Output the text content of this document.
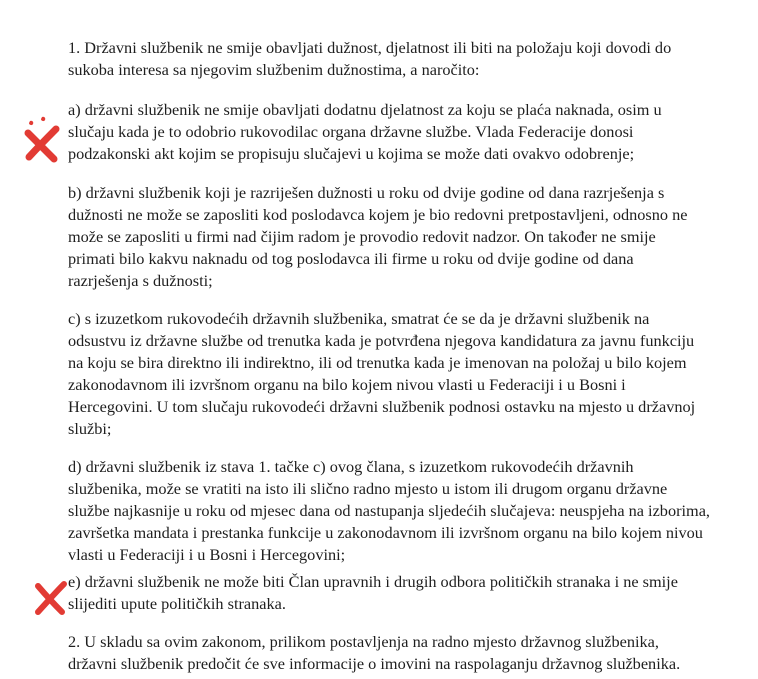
1. Državni službenik ne smije obavljati dužnost, djelatnost ili biti na položaju koji dovodi do
sukoba interesa sa njegovim službenim dužnostima, a naročito:

a) državni službenik ne smije obavljati dodatnu djelatnost za koju se plaća naknada, osim u
slučaju kada je to odobrio rukovodilac organa državne službe. Vlada Federacije donosi
podzakonski akt kojim se propisuju slučajevi u kojima se može dati ovakvo odobrenje;

b) državni službenik koji je razriješen dužnosti u roku od dvije godine od dana razrješenja s
dužnosti ne može se zaposliti kod poslodavca kojem je bio redovni pretpostavljeni, odnosno ne
može se zaposliti u firmi nad čijim radom je provodio redovit nadzor. On također ne smije
primati bilo kakvu naknadu od tog poslodavca ili firme u roku od dvije godine od dana
razrješenja s dužnosti;

c) s izuzetkom rukovodećih državnih službenika, smatrat će se da je državni službenik na
odsustvu iz državne službe od trenutka kada je potvrđena njegova kandidatura za javnu funkciju
na koju se bira direktno ili indirektno, ili od trenutka kada je imenovan na položaj u bilo kojem
zakonodavnom ili izvršnom organu na bilo kojem nivou vlasti u Federaciji i u Bosni i
Hercegovini. U tom slučaju rukovodeći državni službenik podnosi ostavku na mjesto u državnoj
službi;

d) državni službenik iz stava 1. tačke c) ovog člana, s izuzetkom rukovodećih državnih
službenika, može se vratiti na isto ili slično radno mjesto u istom ili drugom organu državne
službe najkasnije u roku od mjesec dana od nastupanja sljedećih slučajeva: neuspjeha na izborima,
završetka mandata i prestanka funkcije u zakonodavnom ili izvršnom organu na bilo kojem nivou
vlasti u Federaciji i u Bosni i Hercegovini;

e) državni službenik ne može biti Član upravnih i drugih odbora političkih stranaka i ne smije
slijediti upute političkih stranaka.

2. U skladu sa ovim zakonom, prilikom postavljenja na radno mjesto državnog službenika,
državni službenik predočit će sve informacije o imovini na raspolaganju državnog službenika.
